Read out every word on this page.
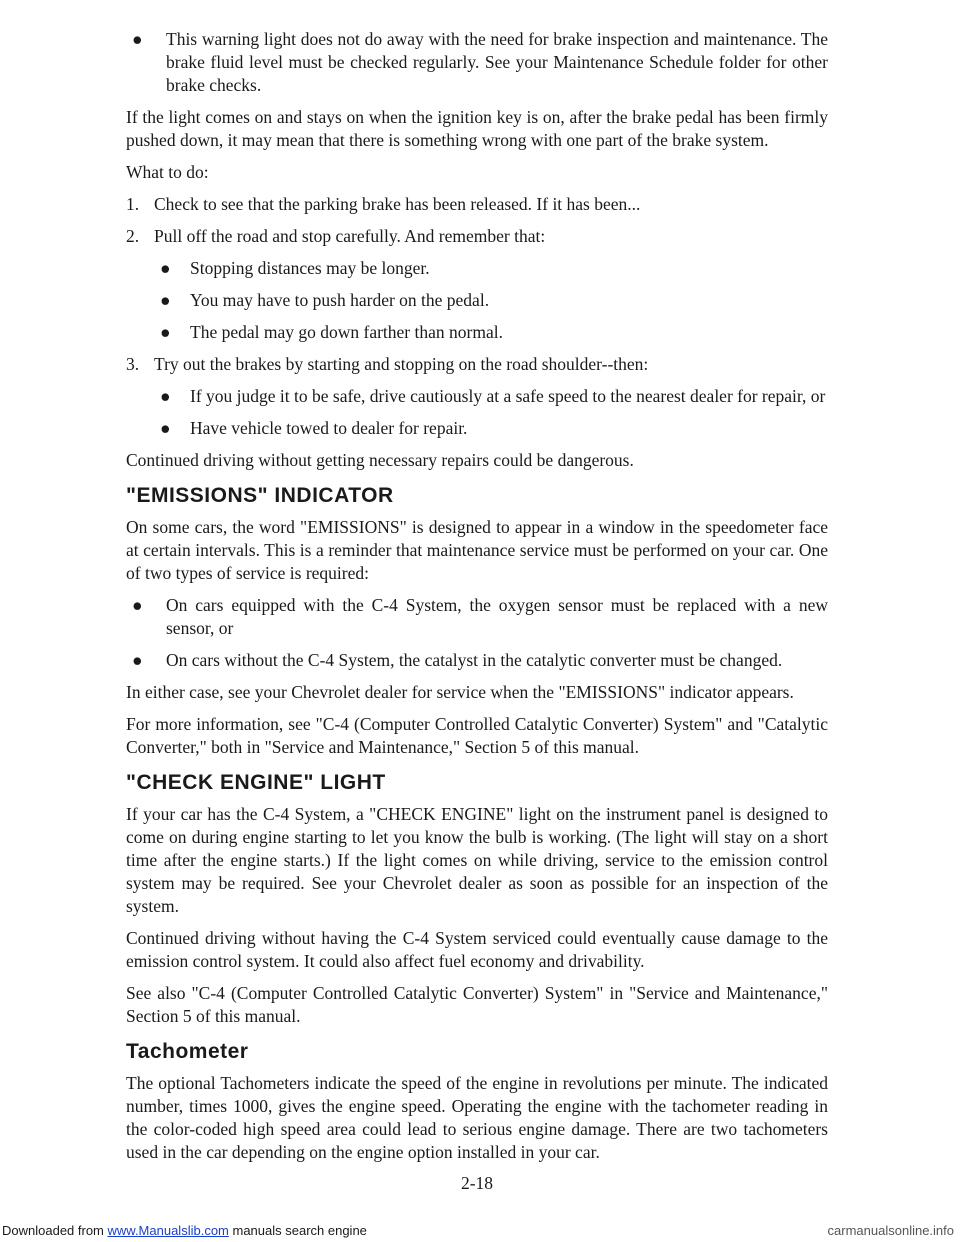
●	This warning light does not do away with the need for brake inspection and maintenance. The brake fluid level must be checked regularly. See your Maintenance Schedule folder for other brake checks.

If the light comes on and stays on when the ignition key is on, after the brake pedal has been firmly pushed down, it may mean that there is something wrong with one part of the brake system.

What to do:

1. Check to see that the parking brake has been released. If it has been...
2. Pull off the road and stop carefully. And remember that:
●	Stopping distances may be longer.
●	You may have to push harder on the pedal.
●	The pedal may go down farther than normal.
3. Try out the brakes by starting and stopping on the road shoulder--then:
●	If you judge it to be safe, drive cautiously at a safe speed to the nearest dealer for repair, or
●	Have vehicle towed to dealer for repair.

Continued driving without getting necessary repairs could be dangerous.

"EMISSIONS" INDICATOR

On some cars, the word "EMISSIONS" is designed to appear in a window in the speedometer face at certain intervals. This is a reminder that maintenance service must be performed on your car. One of two types of service is required:

●	On cars equipped with the C-4 System, the oxygen sensor must be replaced with a new sensor, or
●	On cars without the C-4 System, the catalyst in the catalytic converter must be changed.

In either case, see your Chevrolet dealer for service when the "EMISSIONS" indicator appears.

For more information, see "C-4 (Computer Controlled Catalytic Converter) System" and "Catalytic Converter," both in "Service and Maintenance," Section 5 of this manual.

"CHECK ENGINE" LIGHT

If your car has the C-4 System, a "CHECK ENGINE" light on the instrument panel is designed to come on during engine starting to let you know the bulb is working. (The light will stay on a short time after the engine starts.) If the light comes on while driving, service to the emission control system may be required. See your Chevrolet dealer as soon as possible for an inspection of the system.

Continued driving without having the C-4 System serviced could eventually cause damage to the emission control system. It could also affect fuel economy and drivability.

See also "C-4 (Computer Controlled Catalytic Converter) System" in "Service and Maintenance," Section 5 of this manual.

Tachometer

The optional Tachometers indicate the speed of the engine in revolutions per minute. The indicated number, times 1000, gives the engine speed. Operating the engine with the tachometer reading in the color-coded high speed area could lead to serious engine damage. There are two tachometers used in the car depending on the engine option installed in your car.

2-18
Downloaded from www.Manualslib.com manuals search engine	carmanualsonline.info
